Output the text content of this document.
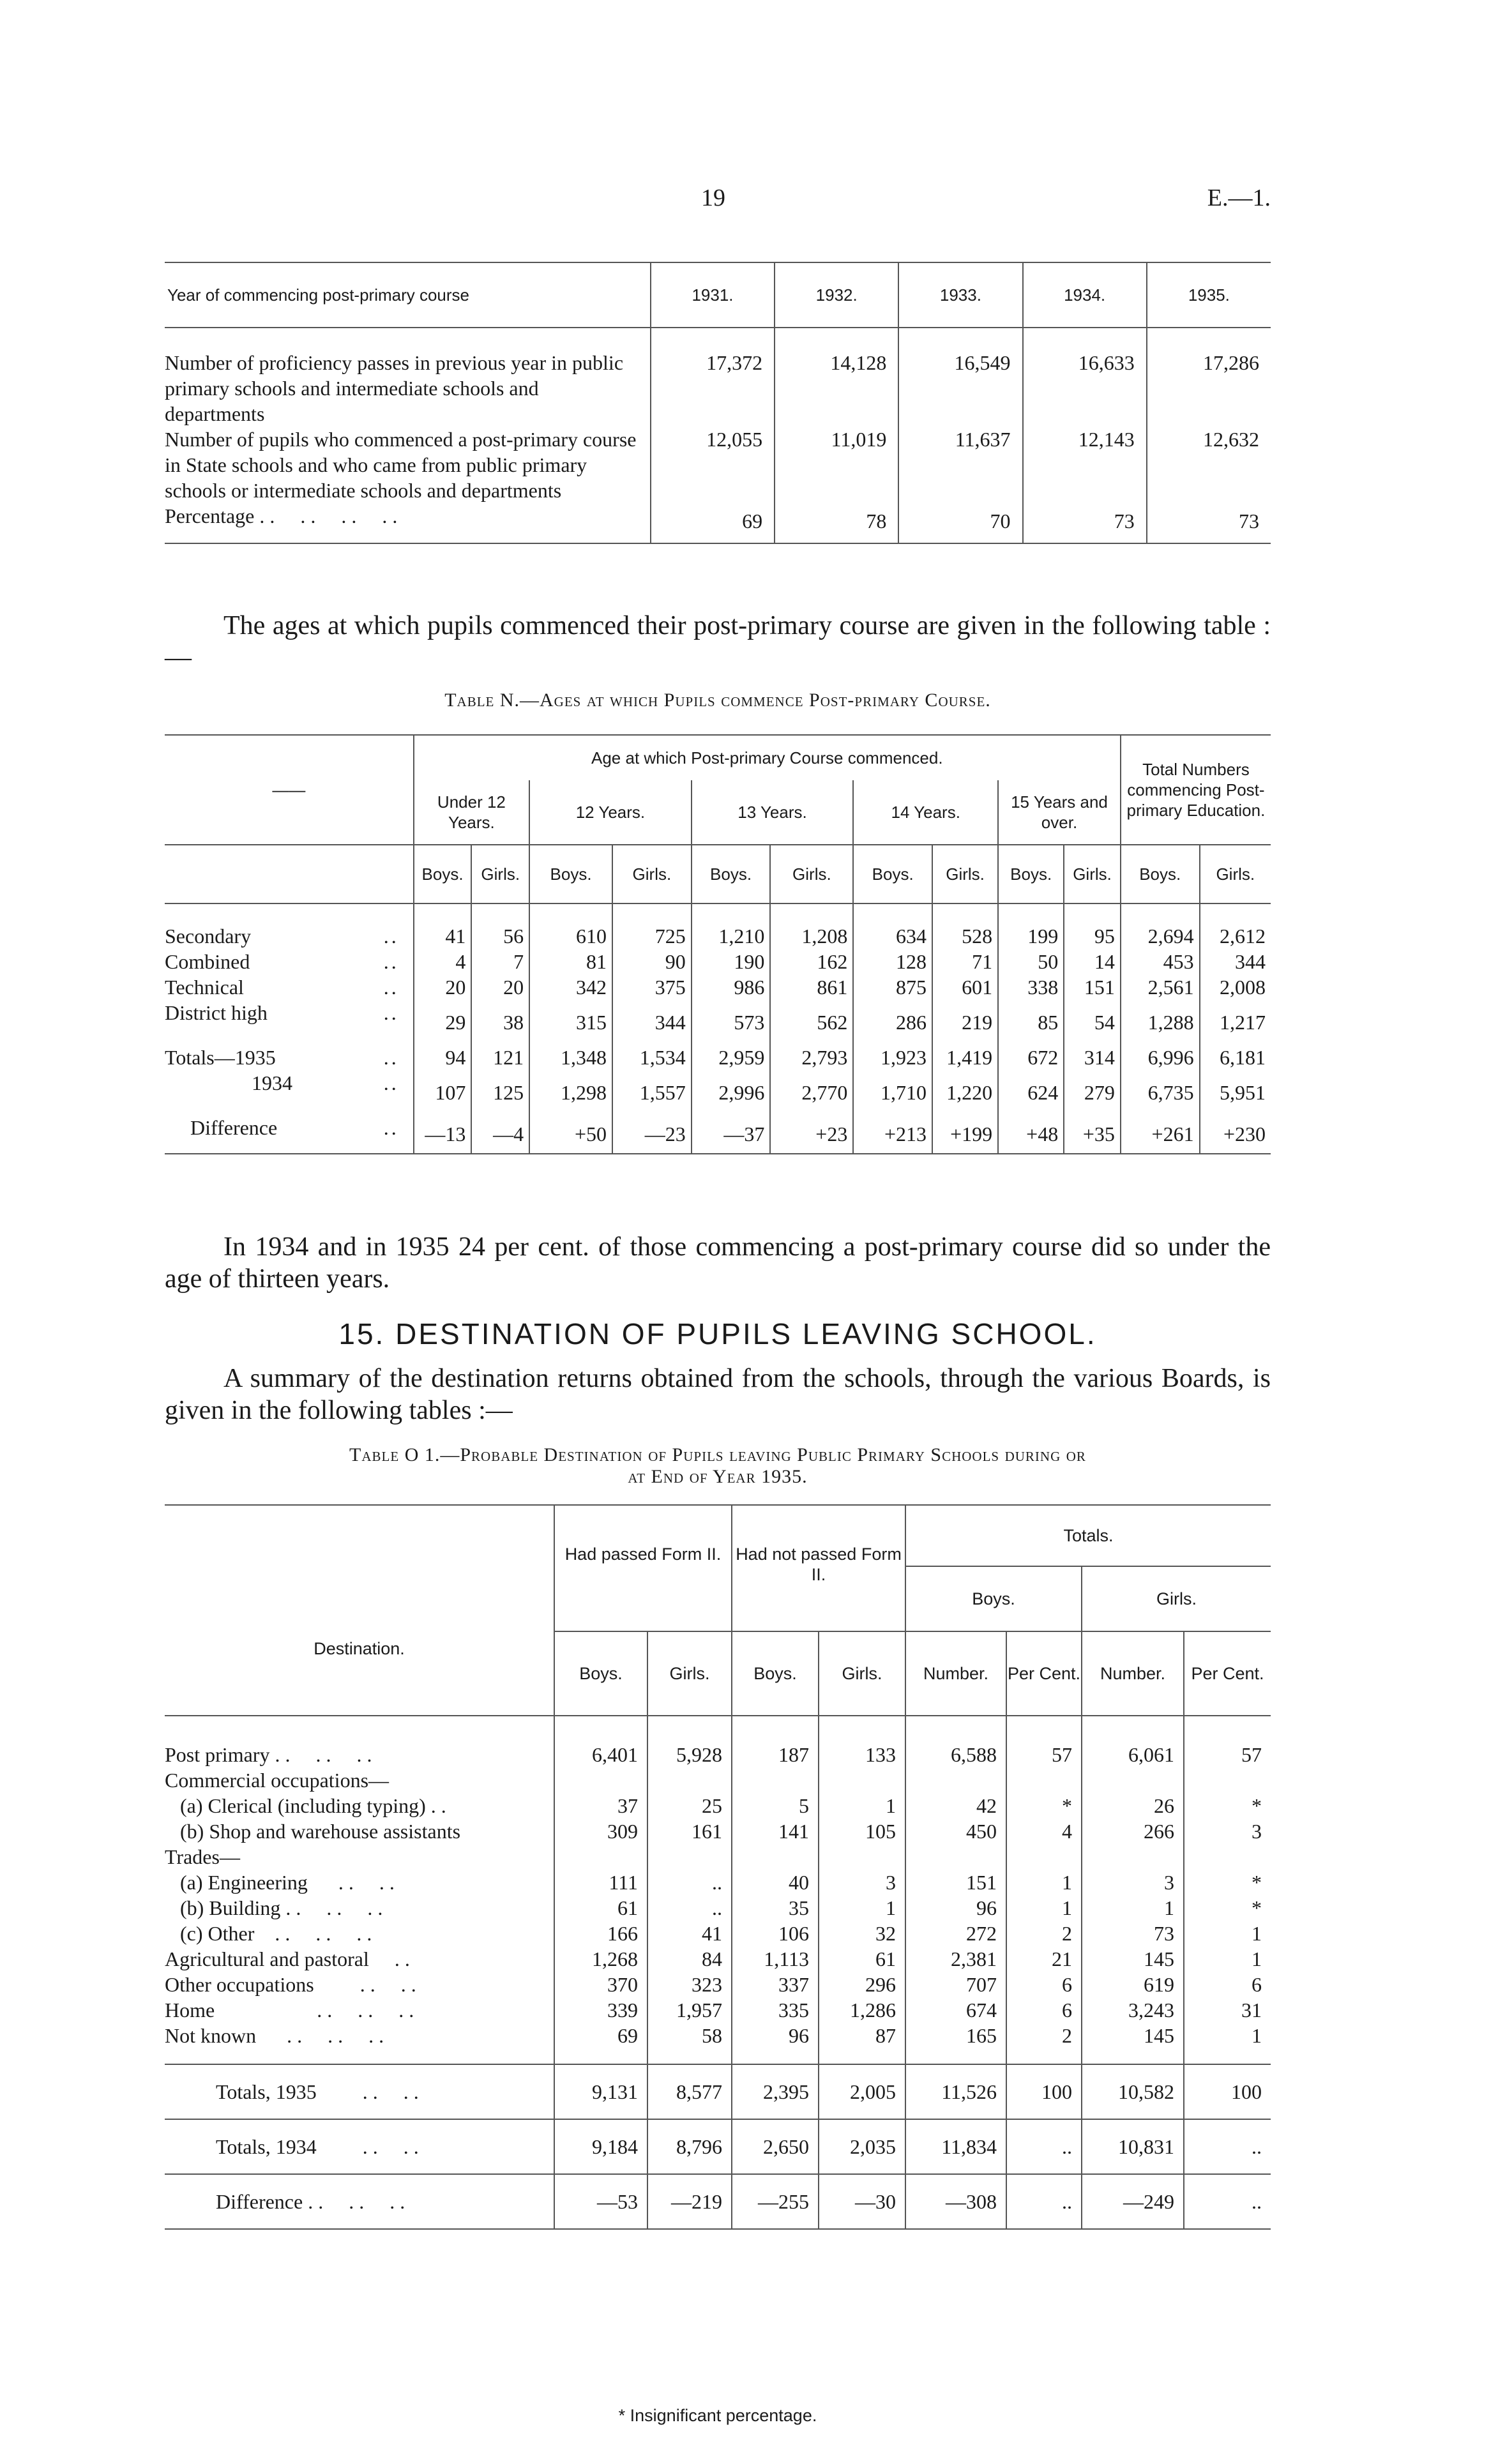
19	E.—1.
Year of commencing post-primary course	1931.	1932.	1933.	1934.	1935.
Number of proficiency passes in previous year in public primary schools and intermediate schools and departments	17,372	14,128	16,549	16,633	17,286
Number of pupils who commenced a post-primary course in State schools and who came from public primary schools or intermediate schools and departments	12,055	11,019	11,637	12,143	12,632
Percentage . .     . .     . .     . .	69	78	70	73	73
The ages at which pupils commenced their post-primary course are given in the following table :—
Table N.—Ages at which Pupils commence Post-primary Course.
——	Age at which Post-primary Course commenced.										Total Numbers commencing Post-primary Education.	
	Under 12 Years.		12 Years.		13 Years.		14 Years.		15 Years and over.			
	Boys.	Girls.	Boys.	Girls.	Boys.	Girls.	Boys.	Girls.	Boys.	Girls.	Boys.	Girls.
Secondary ..	41	56	610	725	1,210	1,208	634	528	199	95	2,694	2,612
Combined ..	4	7	81	90	190	162	128	71	50	14	453	344
Technical ..	20	20	342	375	986	861	875	601	338	151	2,561	2,008
District high ..	29	38	315	344	573	562	286	219	85	54	1,288	1,217
Totals—1935 ..	94	121	1,348	1,534	2,959	2,793	1,923	1,419	672	314	6,996	6,181
1934 ..	107	125	1,298	1,557	2,996	2,770	1,710	1,220	624	279	6,735	5,951
Difference ..	—13	—4	+50	—23	—37	+23	+213	+199	+48	+35	+261	+230
In 1934 and in 1935 24 per cent. of those commencing a post-primary course did so under the age of thirteen years.
15. DESTINATION OF PUPILS LEAVING SCHOOL.
A summary of the destination returns obtained from the schools, through the various Boards, is given in the following tables :—
Table O 1.—Probable Destination of Pupils leaving Public Primary Schools during or
at End of Year 1935.
Destination.	Had passed Form II.		Had not passed Form II.		Totals.			
					Boys.		Girls.	
	Boys.	Girls.	Boys.	Girls.	Number.	Per Cent.	Number.	Per Cent.
Post primary . .     . .     . .	6,401	5,928	187	133	6,588	57	6,061	57
Commercial occupations—								
(a) Clerical (including typing) . .	37	25	5	1	42	*	26	*
(b) Shop and warehouse assistants	309	161	141	105	450	4	266	3
Trades—								
(a) Engineering      . .     . .	111	..	40	3	151	1	3	*
(b) Building . .     . .     . .	61	..	35	1	96	1	1	*
(c) Other    . .     . .     . .	166	41	106	32	272	2	73	1
Agricultural and pastoral     . .	1,268	84	1,113	61	2,381	21	145	1
Other occupations         . .     . .	370	323	337	296	707	6	619	6
Home                    . .     . .     . .	339	1,957	335	1,286	674	6	3,243	31
Not known      . .     . .     . .	69	58	96	87	165	2	145	1
Totals, 1935         . .     . .	9,131	8,577	2,395	2,005	11,526	100	10,582	100
Totals, 1934         . .     . .	9,184	8,796	2,650	2,035	11,834	..	10,831	..
Difference . .     . .     . .	—53	—219	—255	—30	—308	..	—249	..
* Insignificant percentage.
